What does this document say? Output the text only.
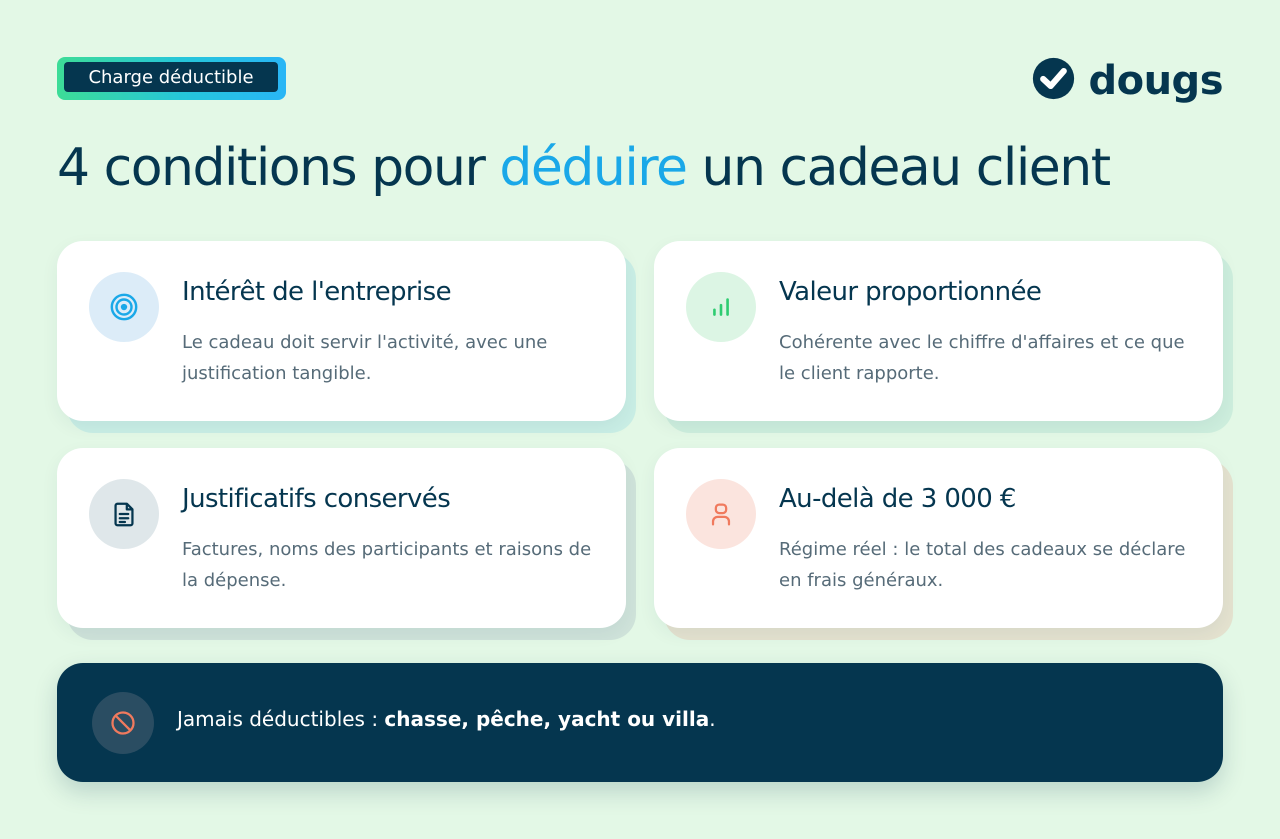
Charge déductible	dougs
4 conditions pour déduire un cadeau client
Intérêt de l'entreprise
Le cadeau doit servir l'activité, avec une justification tangible.
Valeur proportionnée
Cohérente avec le chiffre d'affaires et ce que le client rapporte.
Justificatifs conservés
Factures, noms des participants et raisons de la dépense.
Au-delà de 3 000 €
Régime réel : le total des cadeaux se déclare en frais généraux.
Jamais déductibles : chasse, pêche, yacht ou villa.
